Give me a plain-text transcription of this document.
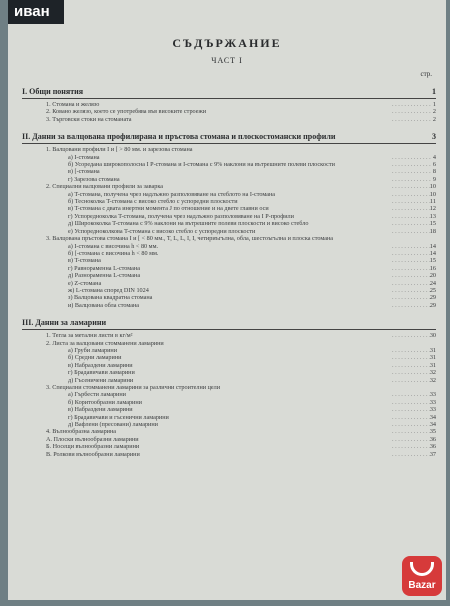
иван
СЪДЪРЖАНИЕ
ЧАСТ I
стр.
I. Общи понятия	1
1. Стомана и желязо	. . . . . . . . . . . . . 1
2. Ковано желязо, което се употребява във високите строежи	. . . . . . . . . . . . . 2
3. Търговски стоки на стоманата	. . . . . . . . . . . . . 2
II. Данни за валцована профилирана и пръстова стомана и плоскостомански профили	3
1. Валцовани профили I и [ > 80 мм. и зарезова стомана
а) I-стомана	. . . . . . . . . . . . . 4
б) Усоредана широкополосна I P-стомана и I-стомана с 9% наклони на вътрешните полеви плоскости	. . . . . . . . . . . . . 6
в) [-стомана	. . . . . . . . . . . . . 8
г) Зарезова стомана	. . . . . . . . . . . . . 9
2. Специални валцовани профили за заварка	. . . . . . . . . . . . . 10
а) T-стомана, получена чрез надлъжно разполовяване на стеблото на I-стомана	. . . . . . . . . . . . . 10
б) Тесноколка T-стомана с високо стебло с успоредни плоскости	. . . . . . . . . . . . . 11
в) T-стомана с двата инертни момента J по отношение и на двете главни оси	. . . . . . . . . . . . . 12
г) Успоредноколка T-стомана, получена чрез надлъжно разполовяване на I P-профили	. . . . . . . . . . . . . 13
д) Ширококолка T-стомана с 9% наклони на вътрешните полеви плоскости и високо стебло	. . . . . . . . . . . . . 15
е) Успоредноколкова T-стомана с високо стебло с успоредни плоскости	. . . . . . . . . . . . . 18
3. Валцована пръстова стомана I и [ < 80 мм., T, L, L, I, I, четириъгълна, обла, шестоъгълна и плоска стомана
а) I-стомана с височина h < 80 мм.	. . . . . . . . . . . . . 14
б) [-стомана с височина h < 80 мм.	. . . . . . . . . . . . . 14
в) T-стомана	. . . . . . . . . . . . . 15
г) Равнораменна L-стомана	. . . . . . . . . . . . . 16
д) Разнораменна L-стомана	. . . . . . . . . . . . . 20
е) Z-стомана	. . . . . . . . . . . . . 24
ж) L-стомана според DIN 1024	. . . . . . . . . . . . . 25
з) Валцована квадратна стомана	. . . . . . . . . . . . . 29
и) Валцована обла стомана	. . . . . . . . . . . . . 29
III. Данни за ламарини
1. Тегла за метални листи в кг/м²	. . . . . . . . . . . . . 30
2. Листа за валцовани стомманени ламарини
а) Груби ламарини	. . . . . . . . . . . . . 31
б) Средни ламарини	. . . . . . . . . . . . . 31
в) Набраздени ламарини	. . . . . . . . . . . . . 31
г) Брадавичави ламарини	. . . . . . . . . . . . . 32
д) Гъсеничени ламарини	. . . . . . . . . . . . . 32
3. Специални стомманени ламарини за различни строителни цели
а) Гърбести ламарини	. . . . . . . . . . . . . 33
б) Коритообразни ламарини	. . . . . . . . . . . . . 33
в) Набраздени ламарини	. . . . . . . . . . . . . 33
г) Брадавичави и гъсенични ламарини	. . . . . . . . . . . . . 34
д) Вафлени (пресовани) ламарини	. . . . . . . . . . . . . 34
4. Вълнообразна ламарина	. . . . . . . . . . . . . 35
А. Плоски вълнообразни ламарини	. . . . . . . . . . . . . 36
Б. Носещи вълнообразни ламарини	. . . . . . . . . . . . . 36
В. Ролкови вълнообразни ламарини	. . . . . . . . . . . . . 37
Bazar
